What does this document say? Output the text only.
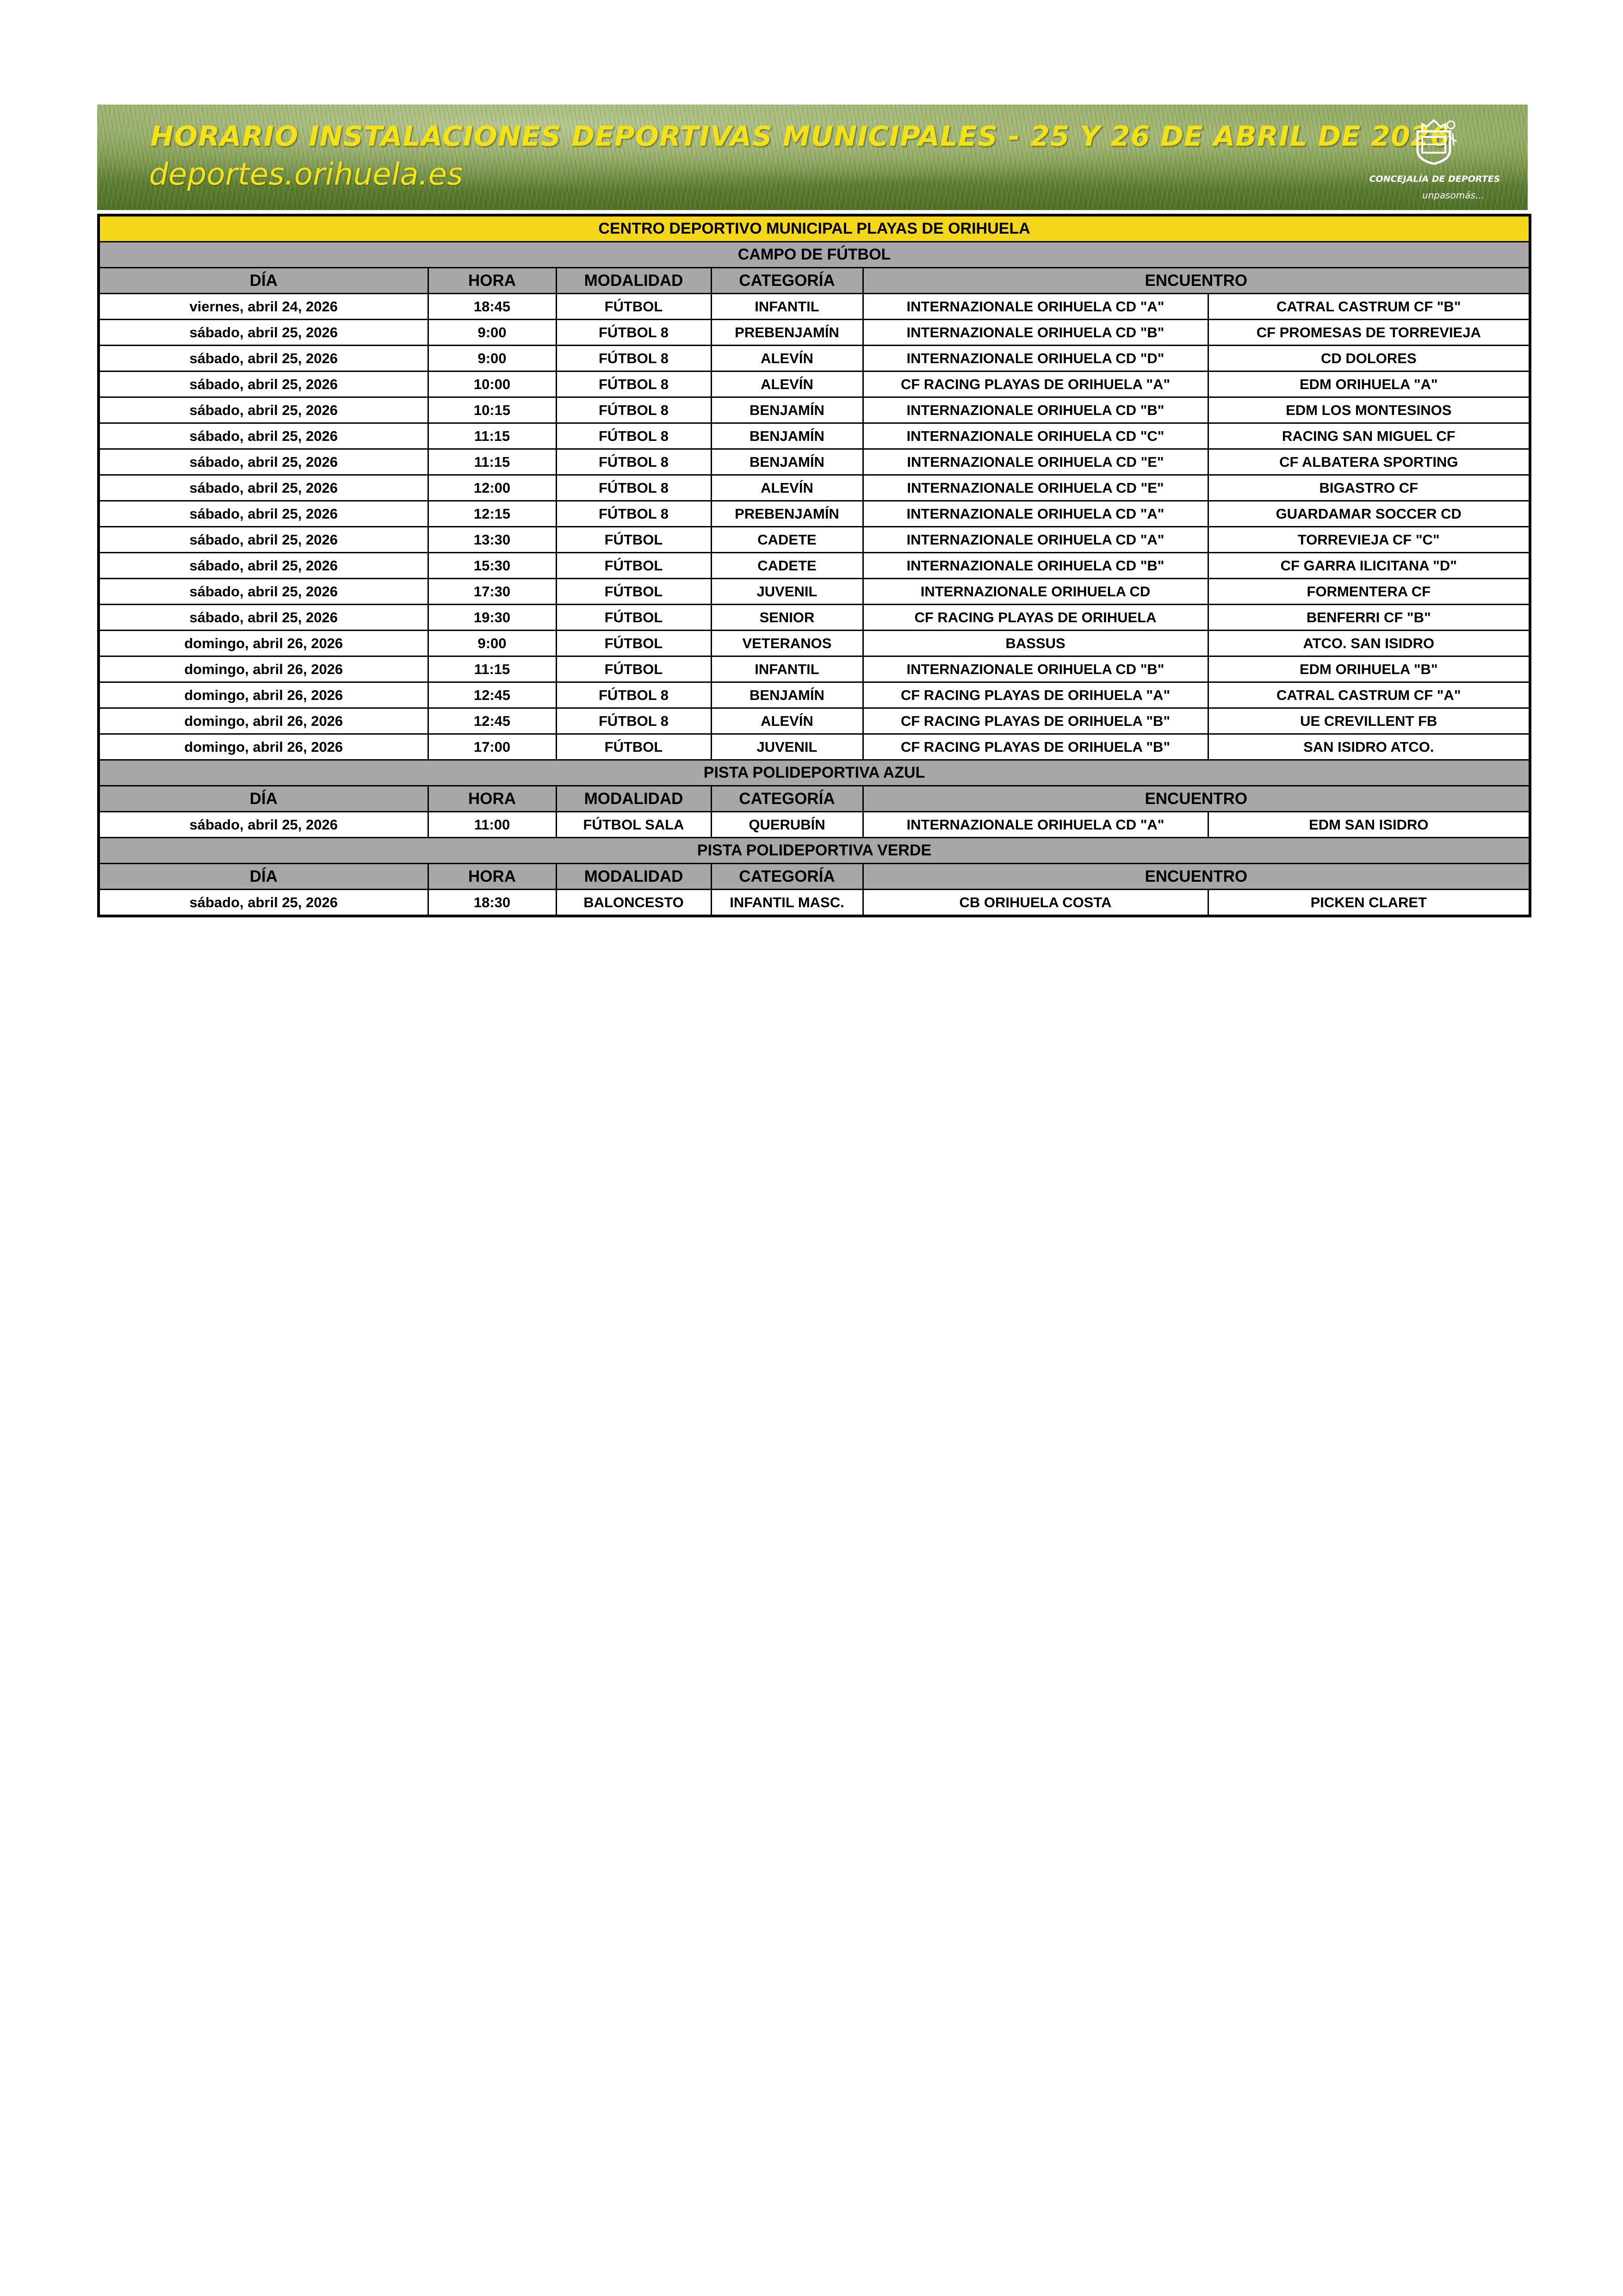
HORARIO INSTALACIONES DEPORTIVAS MUNICIPALES - 25 Y 26 DE ABRIL DE 2026
deportes.orihuela.es	CONCEJALÍA DE DEPORTES
unpasomás...
CENTRO DEPORTIVO MUNICIPAL PLAYAS DE ORIHUELA					
CAMPO DE FÚTBOL					
DÍA	HORA	MODALIDAD	CATEGORÍA	ENCUENTRO	
viernes, abril 24, 2026	18:45	FÚTBOL	INFANTIL	INTERNAZIONALE ORIHUELA CD "A"	CATRAL CASTRUM CF "B"
sábado, abril 25, 2026	9:00	FÚTBOL 8	PREBENJAMÍN	INTERNAZIONALE ORIHUELA CD "B"	CF PROMESAS DE TORREVIEJA
sábado, abril 25, 2026	9:00	FÚTBOL 8	ALEVÍN	INTERNAZIONALE ORIHUELA CD "D"	CD DOLORES
sábado, abril 25, 2026	10:00	FÚTBOL 8	ALEVÍN	CF RACING PLAYAS DE ORIHUELA "A"	EDM ORIHUELA "A"
sábado, abril 25, 2026	10:15	FÚTBOL 8	BENJAMÍN	INTERNAZIONALE ORIHUELA CD "B"	EDM LOS MONTESINOS
sábado, abril 25, 2026	11:15	FÚTBOL 8	BENJAMÍN	INTERNAZIONALE ORIHUELA CD "C"	RACING SAN MIGUEL CF
sábado, abril 25, 2026	11:15	FÚTBOL 8	BENJAMÍN	INTERNAZIONALE ORIHUELA CD "E"	CF ALBATERA SPORTING
sábado, abril 25, 2026	12:00	FÚTBOL 8	ALEVÍN	INTERNAZIONALE ORIHUELA CD "E"	BIGASTRO CF
sábado, abril 25, 2026	12:15	FÚTBOL 8	PREBENJAMÍN	INTERNAZIONALE ORIHUELA CD "A"	GUARDAMAR SOCCER CD
sábado, abril 25, 2026	13:30	FÚTBOL	CADETE	INTERNAZIONALE ORIHUELA CD "A"	TORREVIEJA CF "C"
sábado, abril 25, 2026	15:30	FÚTBOL	CADETE	INTERNAZIONALE ORIHUELA CD "B"	CF GARRA ILICITANA "D"
sábado, abril 25, 2026	17:30	FÚTBOL	JUVENIL	INTERNAZIONALE ORIHUELA CD	FORMENTERA CF
sábado, abril 25, 2026	19:30	FÚTBOL	SENIOR	CF RACING PLAYAS DE ORIHUELA	BENFERRI CF "B"
domingo, abril 26, 2026	9:00	FÚTBOL	VETERANOS	BASSUS	ATCO. SAN ISIDRO
domingo, abril 26, 2026	11:15	FÚTBOL	INFANTIL	INTERNAZIONALE ORIHUELA CD "B"	EDM ORIHUELA "B"
domingo, abril 26, 2026	12:45	FÚTBOL 8	BENJAMÍN	CF RACING PLAYAS DE ORIHUELA "A"	CATRAL CASTRUM CF "A"
domingo, abril 26, 2026	12:45	FÚTBOL 8	ALEVÍN	CF RACING PLAYAS DE ORIHUELA "B"	UE CREVILLENT FB
domingo, abril 26, 2026	17:00	FÚTBOL	JUVENIL	CF RACING PLAYAS DE ORIHUELA "B"	SAN ISIDRO ATCO.
PISTA POLIDEPORTIVA AZUL					
DÍA	HORA	MODALIDAD	CATEGORÍA	ENCUENTRO	
sábado, abril 25, 2026	11:00	FÚTBOL SALA	QUERUBÍN	INTERNAZIONALE ORIHUELA CD "A"	EDM SAN ISIDRO
PISTA POLIDEPORTIVA VERDE					
DÍA	HORA	MODALIDAD	CATEGORÍA	ENCUENTRO	
sábado, abril 25, 2026	18:30	BALONCESTO	INFANTIL MASC.	CB ORIHUELA COSTA	PICKEN CLARET
